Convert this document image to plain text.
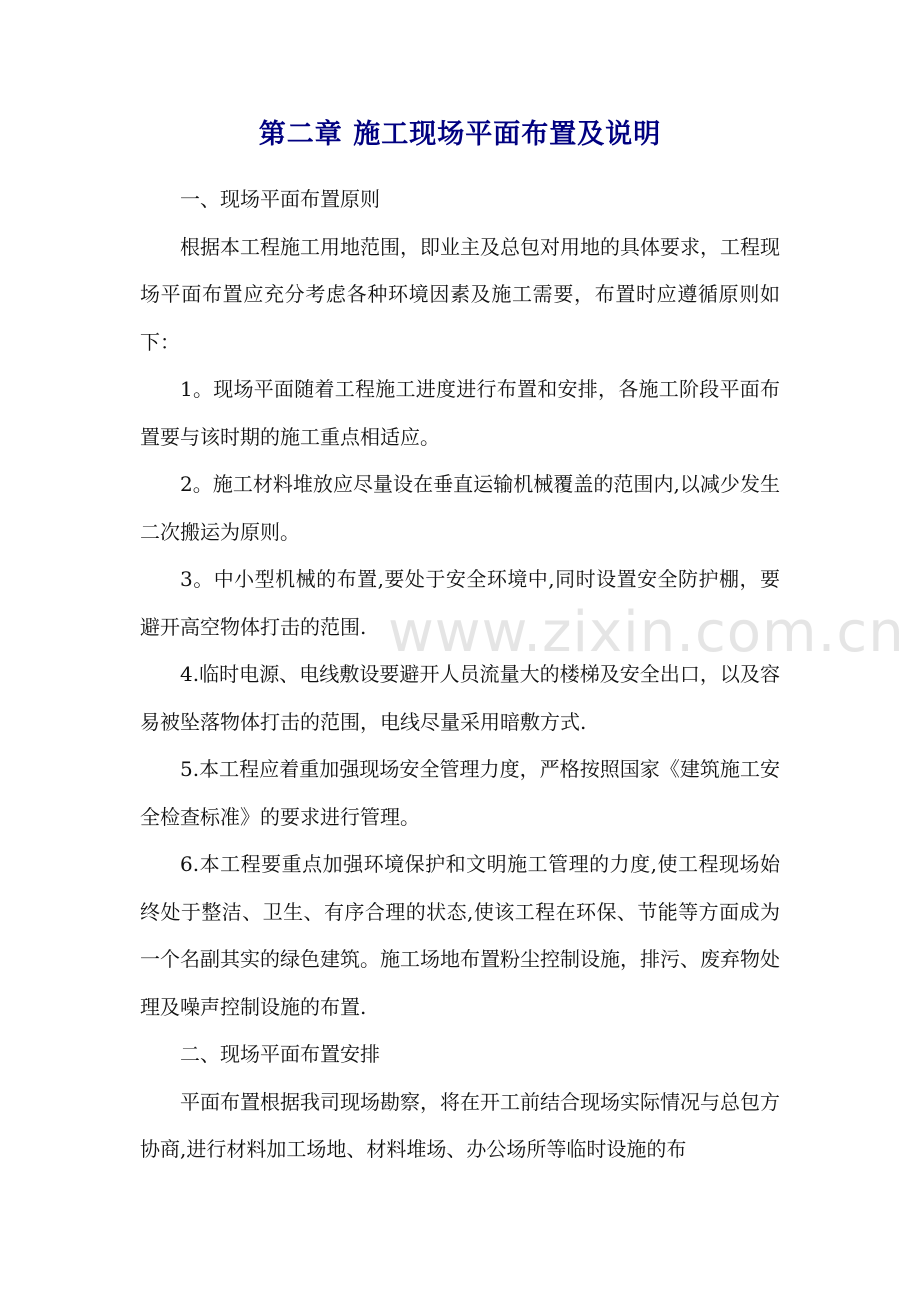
第二章 施工现场平面布置及说明

一、现场平面布置原则

根据本工程施工用地范围，即业主及总包对用地的具体要求，工程现场平面布置应充分考虑各种环境因素及施工需要，布置时应遵循原则如下：

1。现场平面随着工程施工进度进行布置和安排，各施工阶段平面布置要与该时期的施工重点相适应。

2。施工材料堆放应尽量设在垂直运输机械覆盖的范围内,以减少发生二次搬运为原则。

3。中小型机械的布置,要处于安全环境中,同时设置安全防护棚，要避开高空物体打击的范围.

4.临时电源、电线敷设要避开人员流量大的楼梯及安全出口，以及容易被坠落物体打击的范围，电线尽量采用暗敷方式.

5.本工程应着重加强现场安全管理力度，严格按照国家《建筑施工安全检查标准》的要求进行管理。

6.本工程要重点加强环境保护和文明施工管理的力度,使工程现场始终处于整洁、卫生、有序合理的状态,使该工程在环保、节能等方面成为一个名副其实的绿色建筑。施工场地布置粉尘控制设施，排污、废弃物处理及噪声控制设施的布置.

二、现场平面布置安排

平面布置根据我司现场勘察，将在开工前结合现场实际情况与总包方协商,进行材料加工场地、材料堆场、办公场所等临时设施的布

www.zixin.com.cn
